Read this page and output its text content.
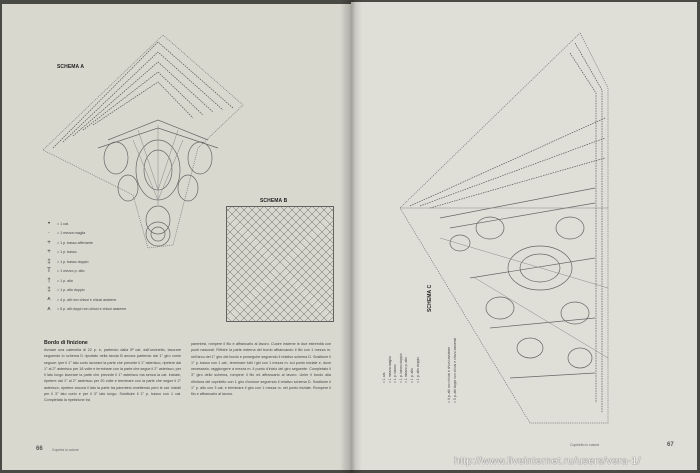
SCHEMA A
SCHEMA B
•	= 1 cat.
∙	= 1 mezza maglia
+	= 1 p. basso afferrante
+	= 1 p. basso
‡	= 1 p. basso doppio
T	= 1 mezzo p. alto
†	= 1 p. alto
‡	= 1 p. alto doppio
⩚	= 4 p. alti non chiusi e chiusi assieme
⩚	= 5 p. alti doppi non chiusi e chiusi assieme
Bordo di finizione
Avviare una catenella di 22 p. e, partendo dalla 5ª cat. dall'uncinetto, lavorare seguendo lo schema D riportato nella tavola B ancora partendo dal 1° giro come seguue: lper il 1° lato corto lavorare la parte che precede il 1° asterisco, ripetere dal 1° al 2° asterisco per 18 volte e terminare con la parte che segue il 2° asterisco; per il lato lungo lavorare la parte che precede il 1° asterisco ma senza la cat. iniziale, ripetere dal 1° al 2° asterisco per 20 volte e terminare con la parte che segue il 2° asterisco, ripetere ancora il lato la parte tra parentesi omettendo però le cat. iniziali per il 3° lato corto e per il 3° lato lungo. Sostituire il 1° p. basso con 1 cat. Completata la ripetizione tra
parentesi, rompere il filo e affrancarlo al lavoro. Cucire insieme le due estremità con punti nascosti. Rifinire la parte esterna del bordo affrancando il filo con 1 mezza m. nell'arco del 1° giro del bordo e proseguire seguendo il relativo schema D. Sostituire il 1° p. basso con 1 cat., terminare tutti i giri con 1 mezza m. sul punto iniziale e, dove necessario, raggiungere a mezza m. il punto d'inizio del giro seguente. Completato il 3° giro dello schema, rompere il filo ed affrancarlo al lavoro. Unire il bordo alla rifinitura del copriletto con 1 giro d'unione seguendo il relativo schema D. Sostituire il 1° p. alto con 3 cat. e terminare il giro con 1 mezza m. nel punto iniziale. Rompere il filo e affrancarlo al lavoro.
66	Coperta in cotone
Copriletto in cotone	67
SCHEMA C
= 1 cat. = 1 mezza maglia = 1 p. basso = 1 p. basso doppio = 1 mezzo p. alto = 1 p. alto = 1 p. alto doppio	= 4 p. alti non chiusi e chiusi assieme = 5 p. alti doppi non chiusi e chiusi assieme
http://www.liveinternet.ru/users/vera-1/
